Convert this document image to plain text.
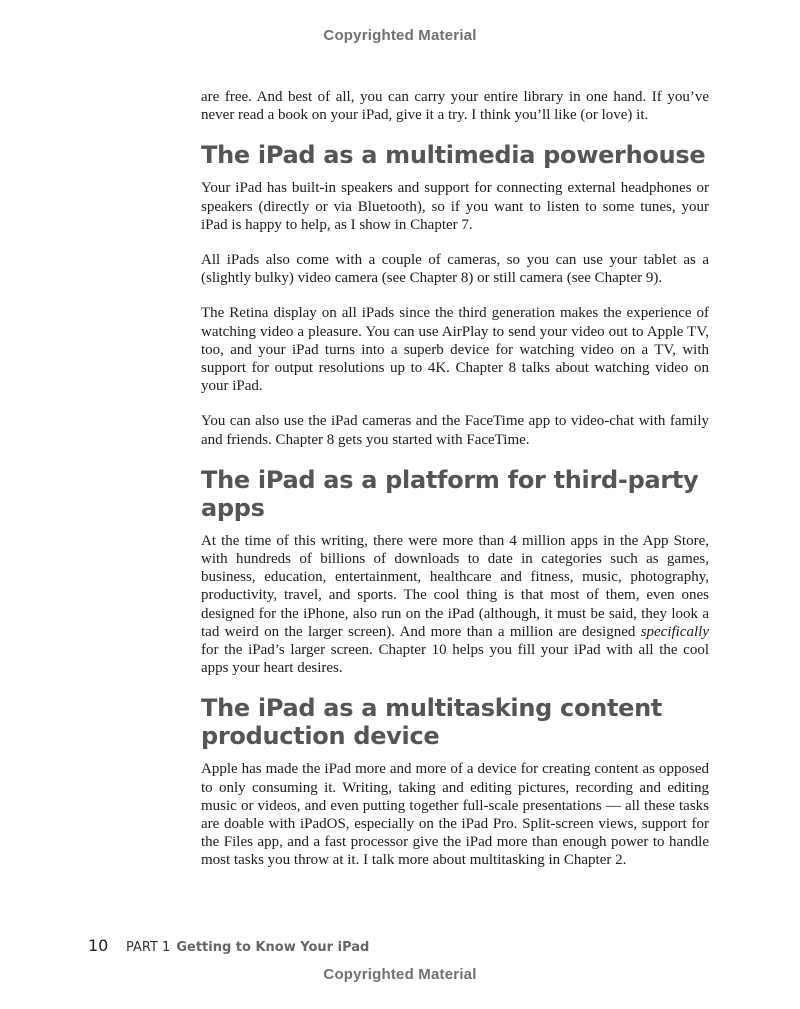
Copyrighted Material

are free. And best of all, you can carry your entire library in one hand. If you’ve never read a book on your iPad, give it a try. I think you’ll like (or love) it.

The iPad as a multimedia powerhouse

Your iPad has built-in speakers and support for connecting external headphones or speakers (directly or via Bluetooth), so if you want to listen to some tunes, your iPad is happy to help, as I show in Chapter 7.

All iPads also come with a couple of cameras, so you can use your tablet as a (slightly bulky) video camera (see Chapter 8) or still camera (see Chapter 9).

The Retina display on all iPads since the third generation makes the experience of watching video a pleasure. You can use AirPlay to send your video out to Apple TV, too, and your iPad turns into a superb device for watching video on a TV, with support for output resolutions up to 4K. Chapter 8 talks about watching video on your iPad.

You can also use the iPad cameras and the FaceTime app to video-chat with family and friends. Chapter 8 gets you started with FaceTime.

The iPad as a platform for third-party apps

At the time of this writing, there were more than 4 million apps in the App Store, with hundreds of billions of downloads to date in categories such as games, business, education, entertainment, healthcare and fitness, music, photography, productivity, travel, and sports. The cool thing is that most of them, even ones designed for the iPhone, also run on the iPad (although, it must be said, they look a tad weird on the larger screen). And more than a million are designed specifically for the iPad’s larger screen. Chapter 10 helps you fill your iPad with all the cool apps your heart desires.

The iPad as a multitasking content production device

Apple has made the iPad more and more of a device for creating content as opposed to only consuming it. Writing, taking and editing pictures, recording and editing music or videos, and even putting together full-scale presentations — all these tasks are doable with iPadOS, especially on the iPad Pro. Split-screen views, support for the Files app, and a fast processor give the iPad more than enough power to handle most tasks you throw at it. I talk more about multitasking in Chapter 2.

10	PART 1 Getting to Know Your iPad
Copyrighted Material
